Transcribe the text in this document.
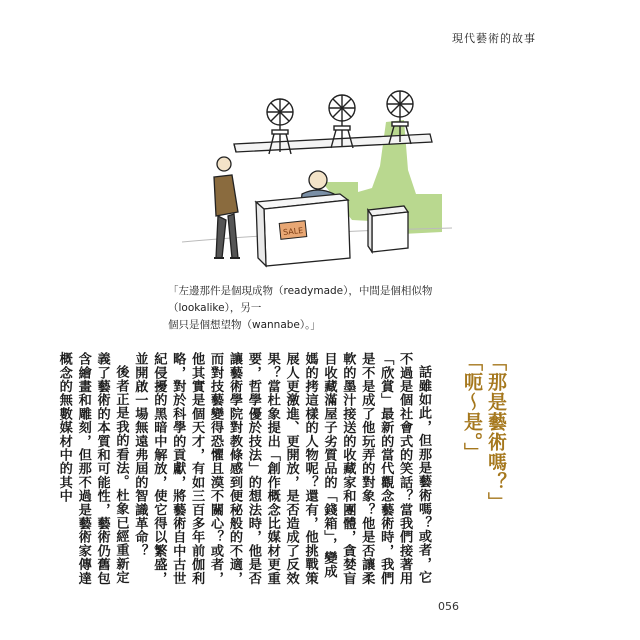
現代藝術的故事
SALE
「左邊那件是個現成物（readymade），中間是個相似物（lookalike），另一
個只是個想望物（wannabe）。」
「那是藝術嗎？」
「呃～是。」

話雖如此，但那是藝術嗎？或者，它不過是個社會式的笑話？當我們接著用「欣賞」最新的當代觀念藝術時，我們是不是成了他玩弄的對象？他是否讓柔軟的墨汁接送的收藏家和團體，貪婪盲目收藏滿屋子劣質品的「錢箱」，變成媽的拷這樣的人物呢？還有，他挑戰策展人更激進、更開放，是否造成了反效果？當杜象提出「創作概念比媒材更重要，哲學優於技法」的想法時，他是否讓藝術學院對教條感到便秘般的不適，而對技藝變得恐懼且漠不關心？或者，他其實是個天才，有如三百多年前伽利略，對於科學的貢獻，將藝術自中古世紀侵擾的黑暗中解放，使它得以繁盛，並開啟一場無遠弗屆的智識革命？

後者正是我的看法。杜象已經重新定義了藝術的本質和可能性，藝術仍舊包含繪畫和雕刻，但那不過是藝術家傳達概念的無數媒材中的其中

056
